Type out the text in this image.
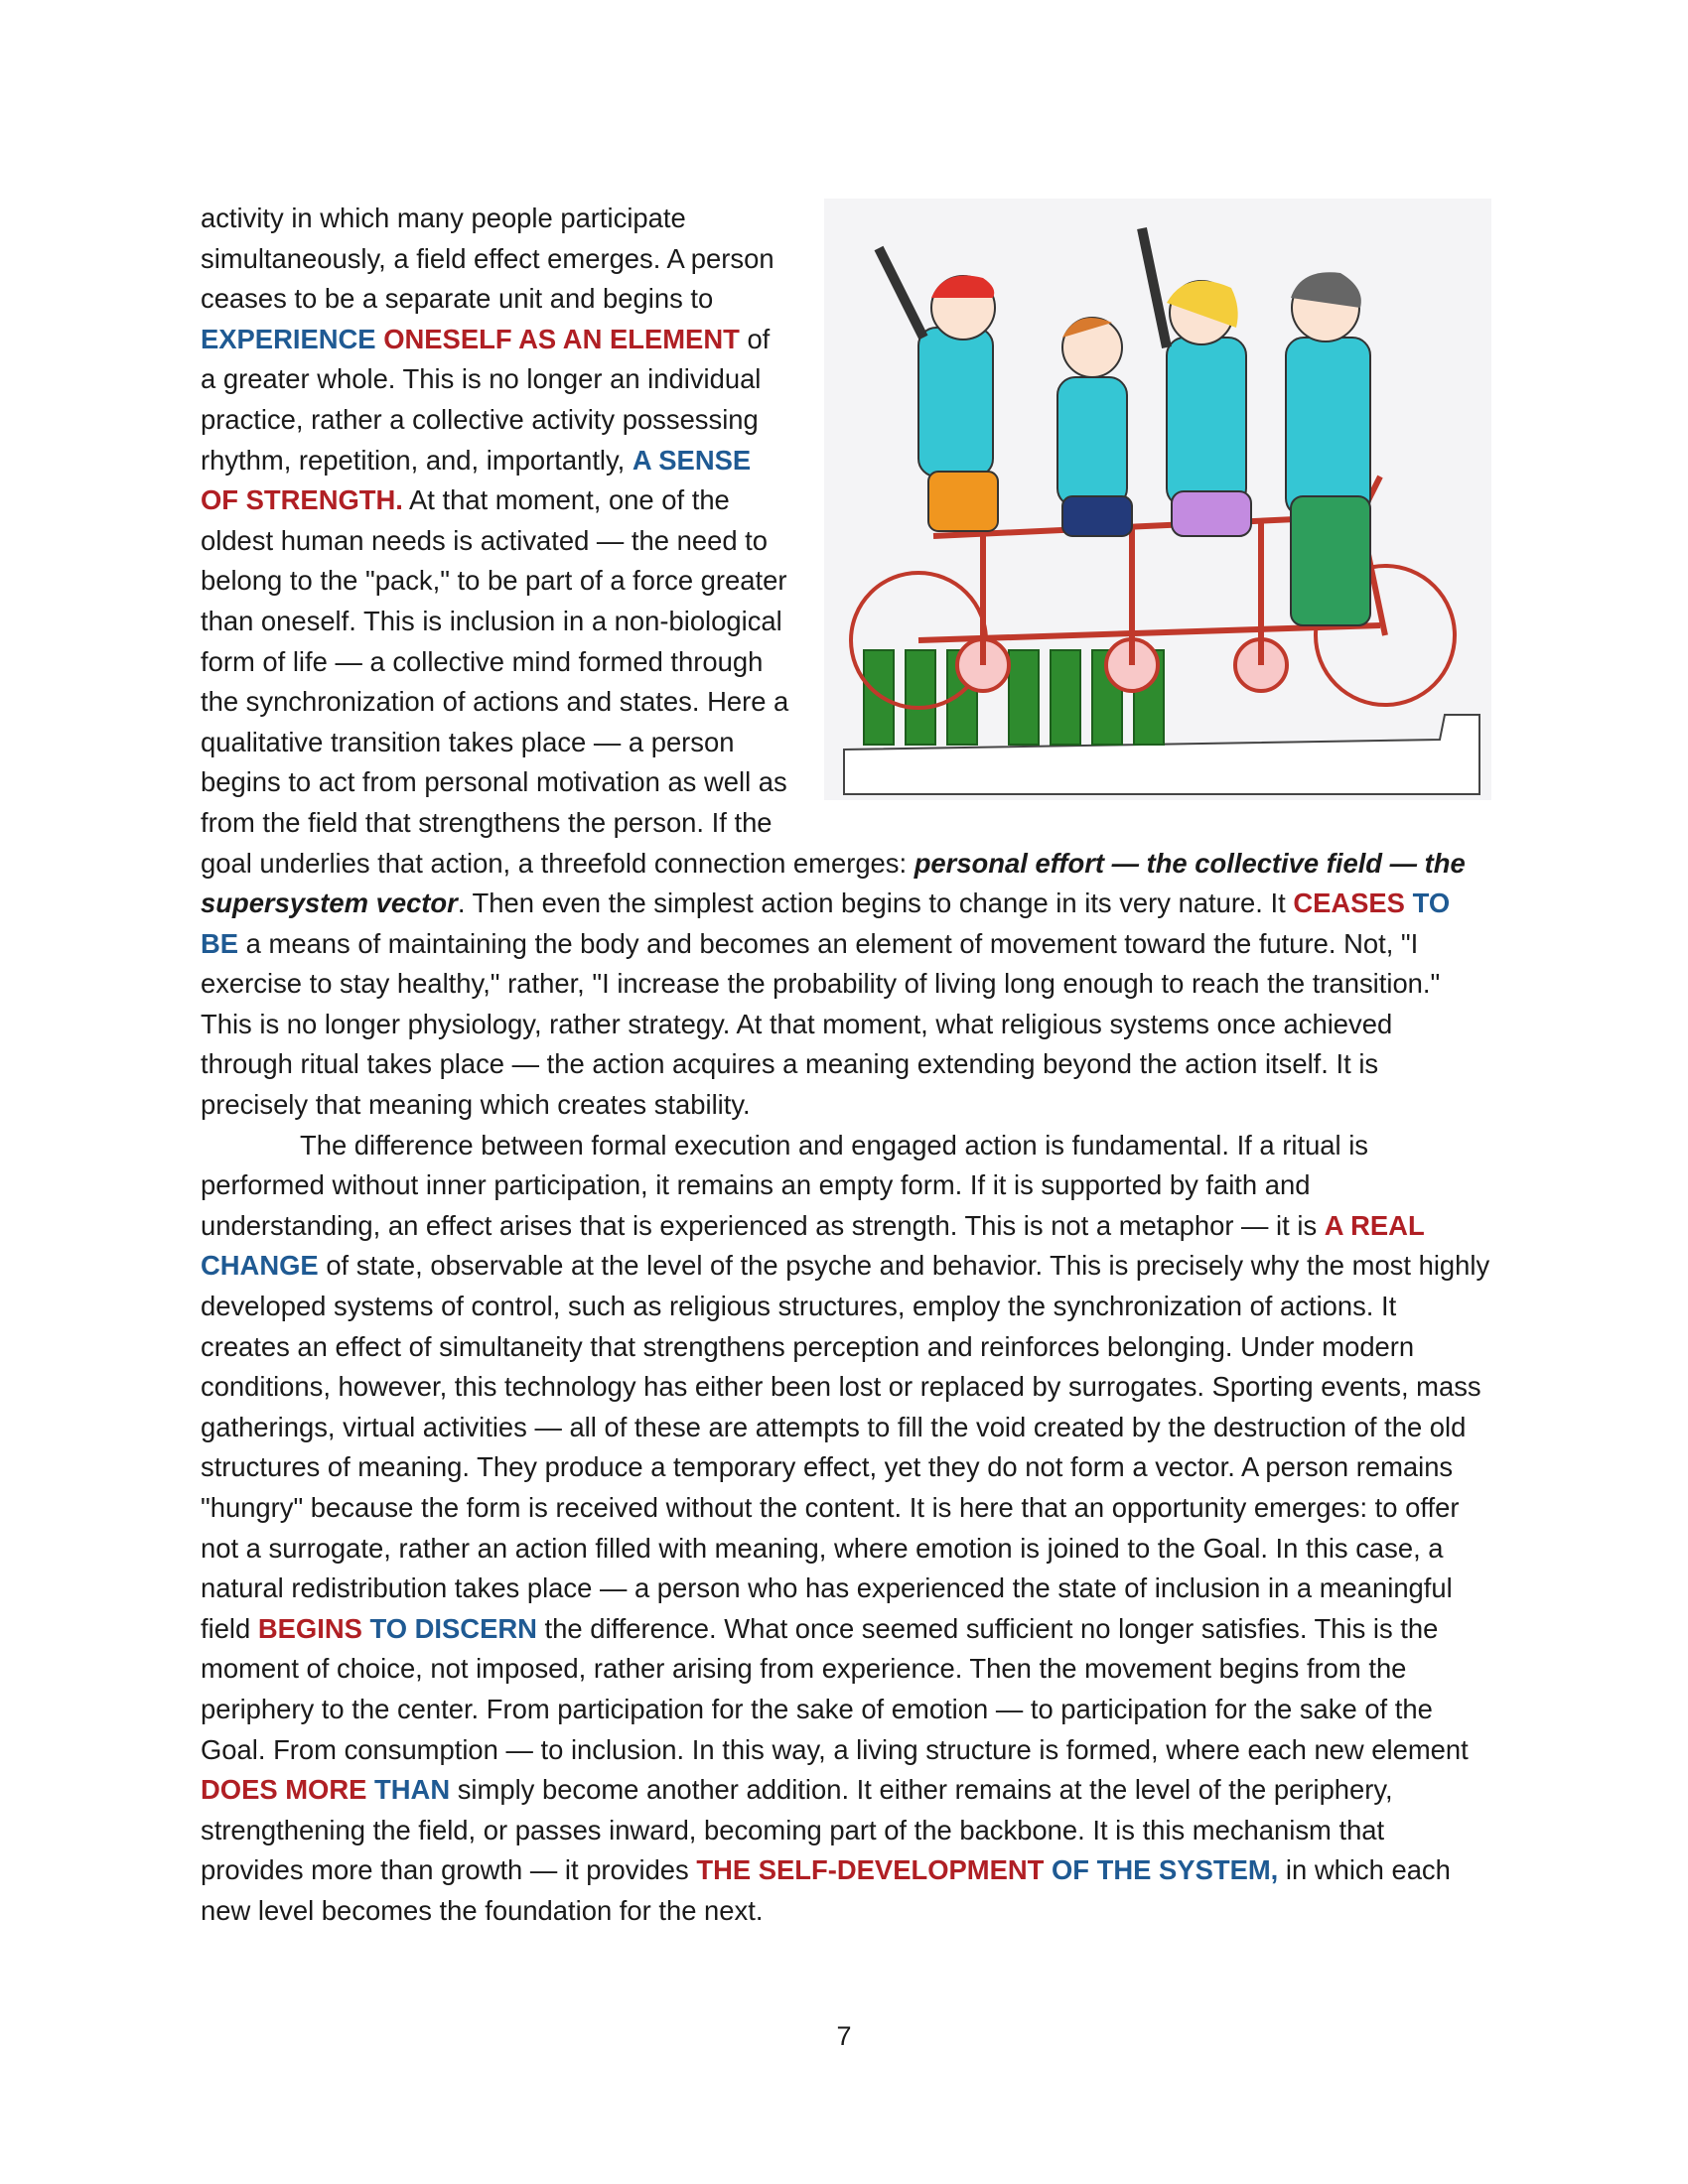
activity in which many people participate simultaneously, a field effect emerges. A person ceases to be a separate unit and begins to EXPERIENCE ONESELF AS AN ELEMENT of a greater whole. This is no longer an individual practice, rather a collective activity possessing rhythm, repetition, and, importantly, A SENSE OF STRENGTH. At that moment, one of the oldest human needs is activated — the need to belong to the "pack," to be part of a force greater than oneself. This is inclusion in a non-biological form of life — a collective mind formed through the synchronization of actions and states. Here a qualitative transition takes place — a person begins to act from personal motivation as well as from the field that strengthens the person. If the goal underlies that action, a threefold connection emerges: personal effort — the collective field — the supersystem vector. Then even the simplest action begins to change in its very nature. It CEASES TO BE a means of maintaining the body and becomes an element of movement toward the future. Not, "I exercise to stay healthy," rather, "I increase the probability of living long enough to reach the transition." This is no longer physiology, rather strategy. At that moment, what religious systems once achieved through ritual takes place — the action acquires a meaning extending beyond the action itself. It is precisely that meaning which creates stability.

The difference between formal execution and engaged action is fundamental. If a ritual is performed without inner participation, it remains an empty form. If it is supported by faith and understanding, an effect arises that is experienced as strength. This is not a metaphor — it is A REAL CHANGE of state, observable at the level of the psyche and behavior. This is precisely why the most highly developed systems of control, such as religious structures, employ the synchronization of actions. It creates an effect of simultaneity that strengthens perception and reinforces belonging. Under modern conditions, however, this technology has either been lost or replaced by surrogates. Sporting events, mass gatherings, virtual activities — all of these are attempts to fill the void created by the destruction of the old structures of meaning. They produce a temporary effect, yet they do not form a vector. A person remains "hungry" because the form is received without the content. It is here that an opportunity emerges: to offer not a surrogate, rather an action filled with meaning, where emotion is joined to the Goal. In this case, a natural redistribution takes place — a person who has experienced the state of inclusion in a meaningful field BEGINS TO DISCERN the difference. What once seemed sufficient no longer satisfies. This is the moment of choice, not imposed, rather arising from experience. Then the movement begins from the periphery to the center. From participation for the sake of emotion — to participation for the sake of the Goal. From consumption — to inclusion. In this way, a living structure is formed, where each new element DOES MORE THAN simply become another addition. It either remains at the level of the periphery, strengthening the field, or passes inward, becoming part of the backbone. It is this mechanism that provides more than growth — it provides THE SELF-DEVELOPMENT OF THE SYSTEM, in which each new level becomes the foundation for the next.

7
